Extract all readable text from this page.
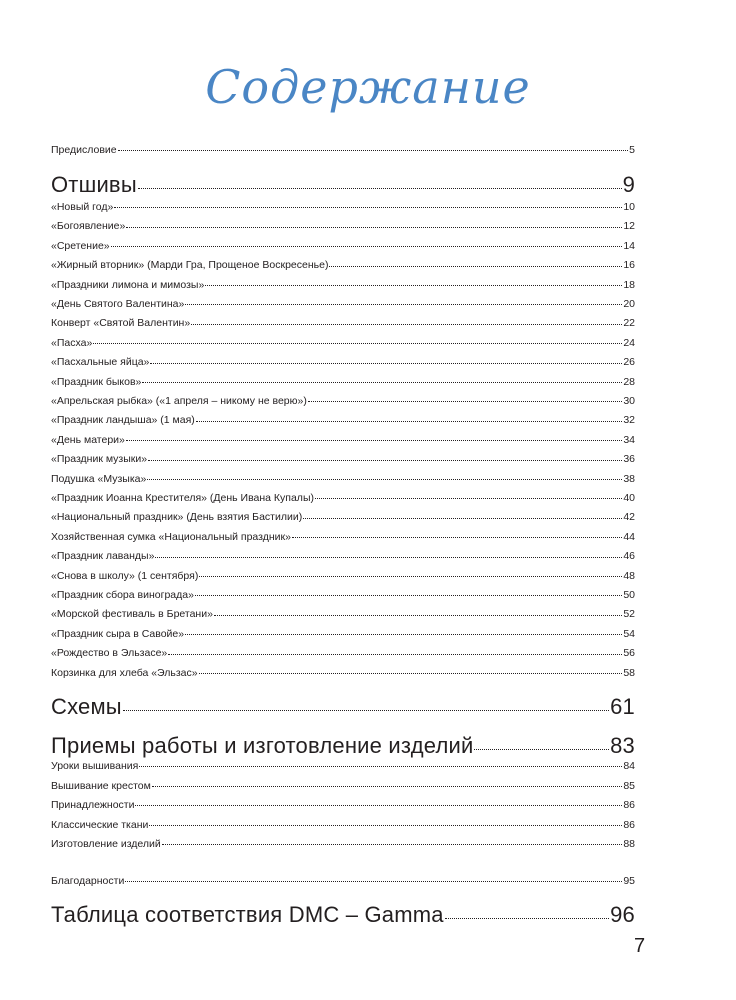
Содержание
Предисловие	5
Отшивы	9
«Новый год»	10
«Богоявление»	12
«Сретение»	14
«Жирный вторник» (Марди Гра, Прощеное Воскресенье)	16
«Праздники лимона и мимозы»	18
«День Святого Валентина»	20
Конверт «Святой Валентин»	22
«Пасха»	24
«Пасхальные яйца»	26
«Праздник быков»	28
«Апрельская рыбка» («1 апреля – никому не верю»)	30
«Праздник ландыша» (1 мая)	32
«День матери»	34
«Праздник музыки»	36
Подушка «Музыка»	38
«Праздник Иоанна Крестителя» (День Ивана Купалы)	40
«Национальный праздник» (День взятия Бастилии)	42
Хозяйственная сумка «Национальный праздник»	44
«Праздник лаванды»	46
«Снова в школу» (1 сентября)	48
«Праздник сбора винограда»	50
«Морской фестиваль в Бретани»	52
«Праздник сыра в Савойе»	54
«Рождество в Эльзасе»	56
Корзинка для хлеба «Эльзас»	58
Схемы	61
Приемы работы и изготовление изделий	83
Уроки вышивания	84
Вышивание крестом	85
Принадлежности	86
Классические ткани	86
Изготовление изделий	88
Благодарности	95
Таблица соответствия DMC – Gamma	96
7
